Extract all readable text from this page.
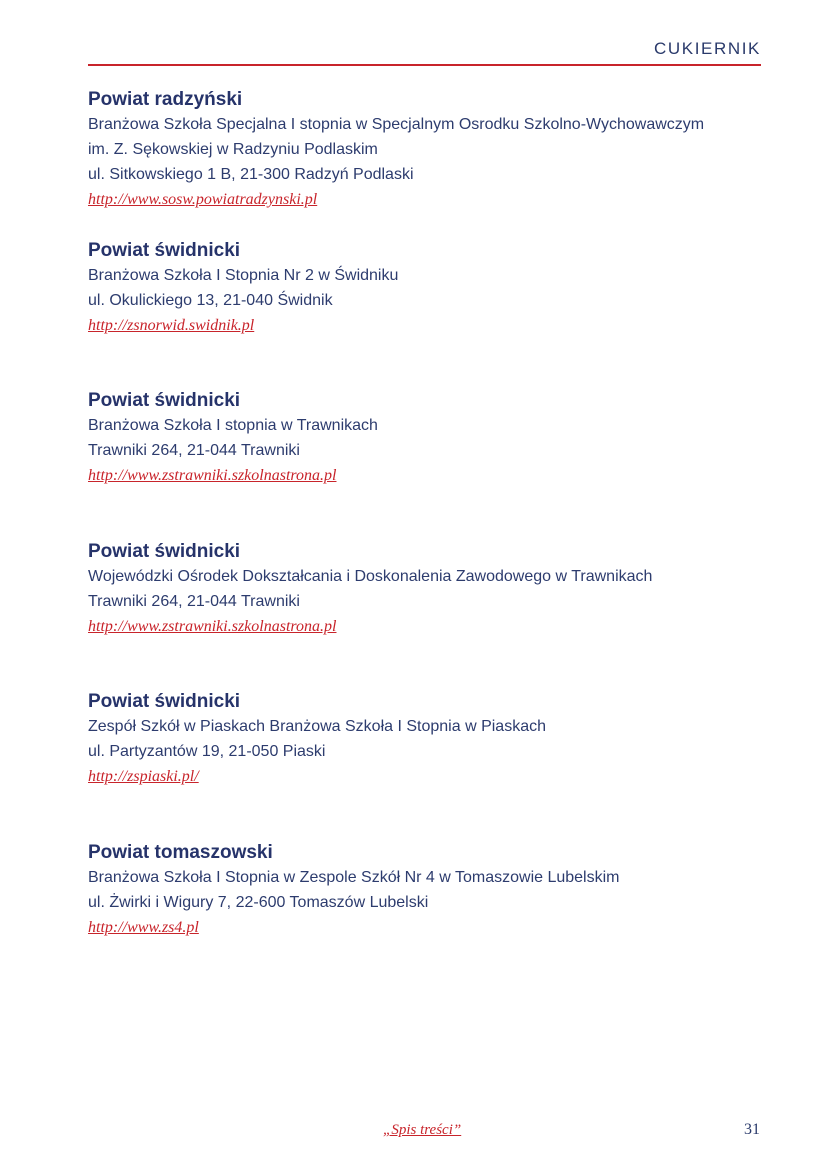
CUKIERNIK
Powiat radzyński
Branżowa Szkoła Specjalna I stopnia w Specjalnym Osrodku Szkolno-Wychowawczym
im. Z. Sękowskiej w Radzyniu Podlaskim
ul. Sitkowskiego 1 B, 21-300 Radzyń Podlaski
http://www.sosw.powiatradzynski.pl
Powiat świdnicki
Branżowa Szkoła I Stopnia Nr 2 w Świdniku
ul. Okulickiego 13, 21-040 Świdnik
http://zsnorwid.swidnik.pl
Powiat świdnicki
Branżowa Szkoła I stopnia w Trawnikach
Trawniki 264, 21-044 Trawniki
http://www.zstrawniki.szkolnastrona.pl
Powiat świdnicki
Wojewódzki Ośrodek Dokształcania i Doskonalenia Zawodowego w Trawnikach
Trawniki 264, 21-044 Trawniki
http://www.zstrawniki.szkolnastrona.pl
Powiat świdnicki
Zespół Szkół w Piaskach Branżowa Szkoła I Stopnia w Piaskach
ul. Partyzantów 19, 21-050 Piaski
http://zspiaski.pl/
Powiat tomaszowski
Branżowa Szkoła I Stopnia w Zespole Szkół Nr 4 w Tomaszowie Lubelskim
ul. Żwirki i Wigury 7, 22-600 Tomaszów Lubelski
http://www.zs4.pl
„Spis treści”	31
